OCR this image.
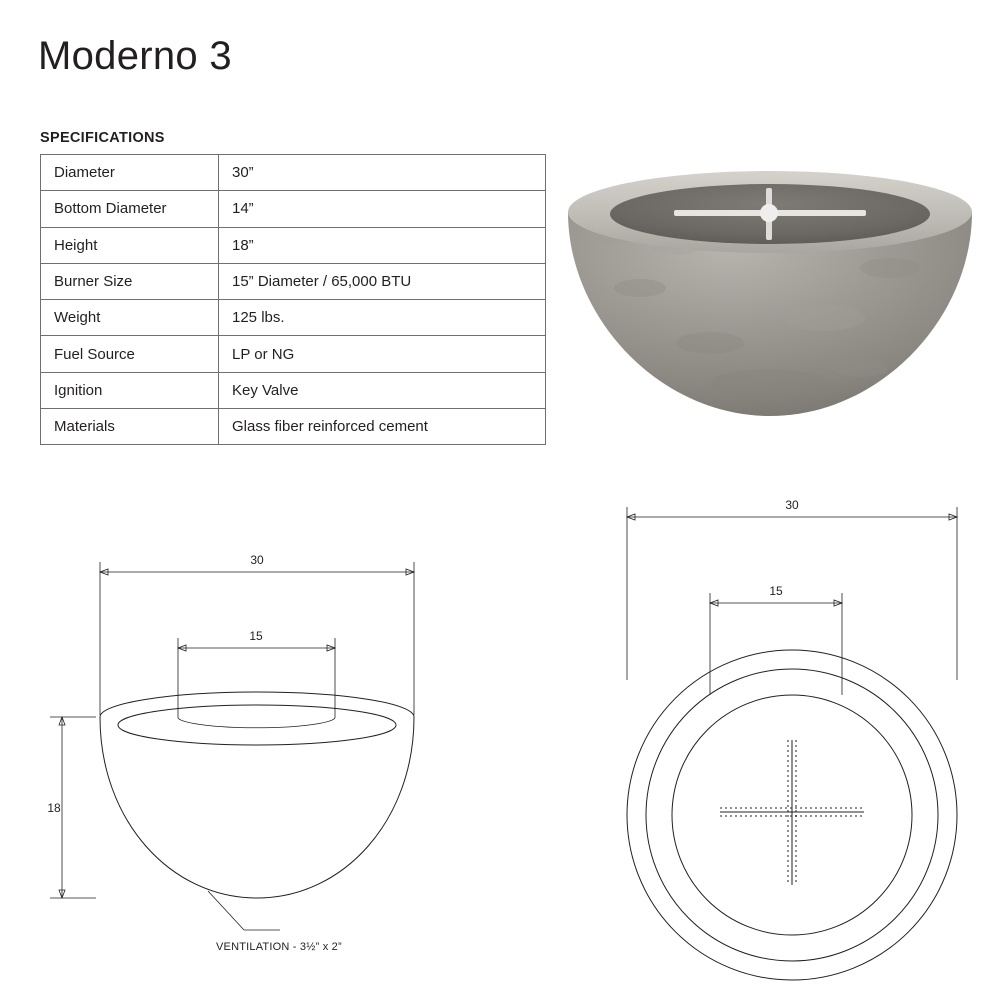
Moderno 3
SPECIFICATIONS
Diameter	30”
Bottom Diameter	14”
Height	18”
Burner Size	15” Diameter / 65,000 BTU
Weight	125 lbs.
Fuel Source	LP or NG
Ignition	Key Valve
Materials	Glass fiber reinforced cement
30
15
18
VENTILATION - 3½” x 2”
30
15
